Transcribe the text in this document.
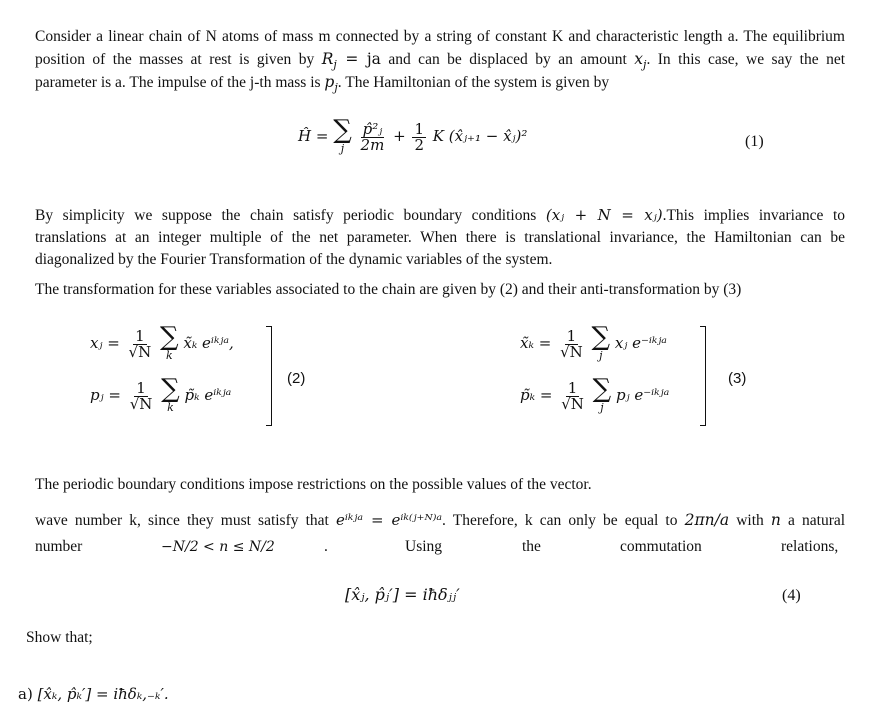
Consider a linear chain of N atoms of mass m connected by a string of constant K and characteristic length a. The equilibrium
position of the masses at rest is given by $R_j$ = ja and can be displaced by an amount $x_j$. In this case, we say the net
parameter is a. The impulse of the j-th mass is $p_j$. The Hamiltonian of the system is given by
Ĥ = ∑
j
$\frac{\text{p̂²ⱼ}}{2m} + \frac{1}{2}$ K (x̂ⱼ₊₁ − x̂ⱼ)²	(1)
By simplicity we suppose the chain satisfy periodic boundary conditions (xⱼ + N = xⱼ).This implies invariance to
translations at an integer multiple of the net parameter. When there is translational invariance, the Hamiltonian can be
diagonalized by the Fourier Transformation of the dynamic variables of the system.
The transformation for these variables associated to the chain are given by (2) and their anti-transformation by (3)
xⱼ = $\frac{1}{√N}$
∑
k
x̃ₖ eⁱᵏʲᵃ,
pⱼ = $\frac{1}{√N}$
∑
k
p̃ₖ eⁱᵏʲᵃ
(2)
x̃ₖ = $\frac{1}{√N}$
∑
j
xⱼ e⁻ⁱᵏʲᵃ
p̃ₖ = $\frac{1}{√N}$
∑
j
pⱼ e⁻ⁱᵏʲᵃ
(3)
The periodic boundary conditions impose restrictions on the possible values of the vector.
wave number k, since they must satisfy that eⁱᵏʲᵃ = eⁱᵏ⁽ʲ⁺ᴺ⁾ᵃ. Therefore, k can only be equal to 2πn/a with n a natural
number	−N/2 < n ≤ N/2	.	Using	the	commutation	relations,
[x̂ⱼ, p̂ⱼ′] = iħδⱼⱼ′	(4)
Show that;
a) [x̂ₖ, p̂ₖ′] = iħδₖ,₋ₖ′.
